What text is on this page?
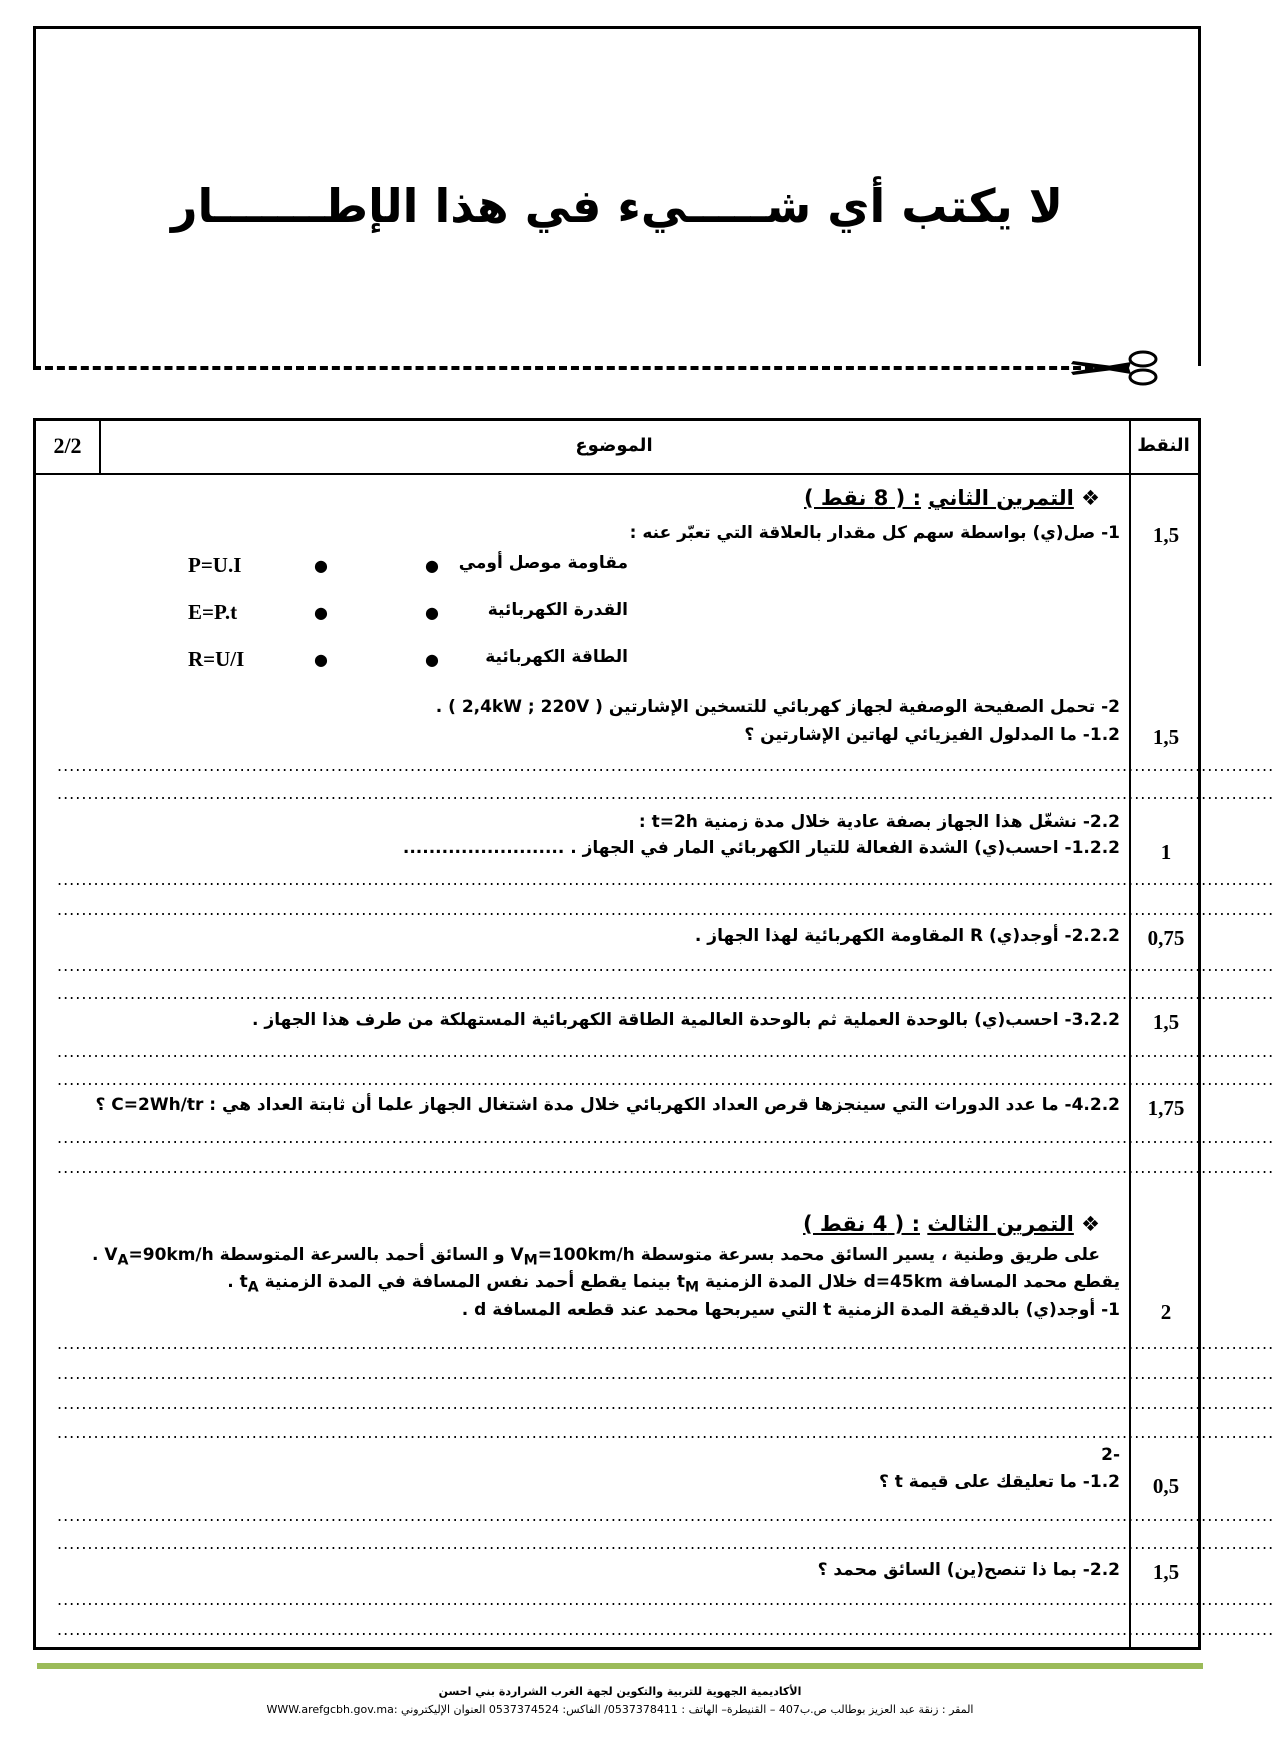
لا يكتب أي شـــــيء في هذا الإطـــــــار
2/2	الموضوع	النقط
❖ التمرين الثاني : ( 8 نقط )
1- صل(ي) بواسطة سهم كل مقدار بالعلاقة التي تعبّر عنه :
مقاومة موصل أومي
القدرة الكهربائية
الطاقة الكهربائية
●
●
●
●
●
●
P=U.I
E=P.t
R=U/I
2- تحمل الصفيحة الوصفية لجهاز كهربائي للتسخين الإشارتين ( 2,4kW ; 220V ) .
1.2- ما المدلول الفيزيائي لهاتين الإشارتين ؟
........................................................................................................................................................................................................
........................................................................................................................................................................................................
2.2- نشغّل هذا الجهاز بصفة عادية خلال مدة زمنية t=2h :
1.2.2- احسب(ي) الشدة الفعالة للتيار الكهربائي المار في الجهاز . .........................
........................................................................................................................................................................................................
........................................................................................................................................................................................................
2.2.2- أوجد(ي) R المقاومة الكهربائية لهذا الجهاز .
........................................................................................................................................................................................................
........................................................................................................................................................................................................
3.2.2- احسب(ي) بالوحدة العملية ثم بالوحدة العالمية الطاقة الكهربائية المستهلكة من طرف هذا الجهاز .
........................................................................................................................................................................................................
........................................................................................................................................................................................................
4.2.2- ما عدد الدورات التي سينجزها قرص العداد الكهربائي خلال مدة اشتغال الجهاز علما أن ثابتة العداد هي : C=2Wh/tr ؟
........................................................................................................................................................................................................
........................................................................................................................................................................................................
❖ التمرين الثالث : ( 4 نقط )
على طريق وطنية ، يسير السائق محمد بسرعة متوسطة $V_M=100km/h$ و السائق أحمد بالسرعة المتوسطة $V_A=90km/h$ .
يقطع محمد المسافة d=45km خلال المدة الزمنية $t_M$ بينما يقطع أحمد نفس المسافة في المدة الزمنية $t_A$ .
1- أوجد(ي) بالدقيقة المدة الزمنية t التي سيربحها محمد عند قطعه المسافة d .
........................................................................................................................................................................................................
........................................................................................................................................................................................................
........................................................................................................................................................................................................
........................................................................................................................................................................................................
-2
1.2- ما تعليقك على قيمة t ؟
........................................................................................................................................................................................................
........................................................................................................................................................................................................
2.2- بما ذا تنصح(ين) السائق محمد ؟
........................................................................................................................................................................................................
........................................................................................................................................................................................................
1,5
1,5
1
0,75
1,5
1,75
2
0,5
1,5
الأكاديمية الجهوية للتربية والتكوين لجهة الغرب الشراردة بني احسن
المقر : زنقة عبد العزيز بوطالب ص.ب407 – القنيطرة– الهاتف : 0537378411/ الفاكس: 0537374524 العنوان الإليكتروني :WWW.arefgcbh.gov.ma
